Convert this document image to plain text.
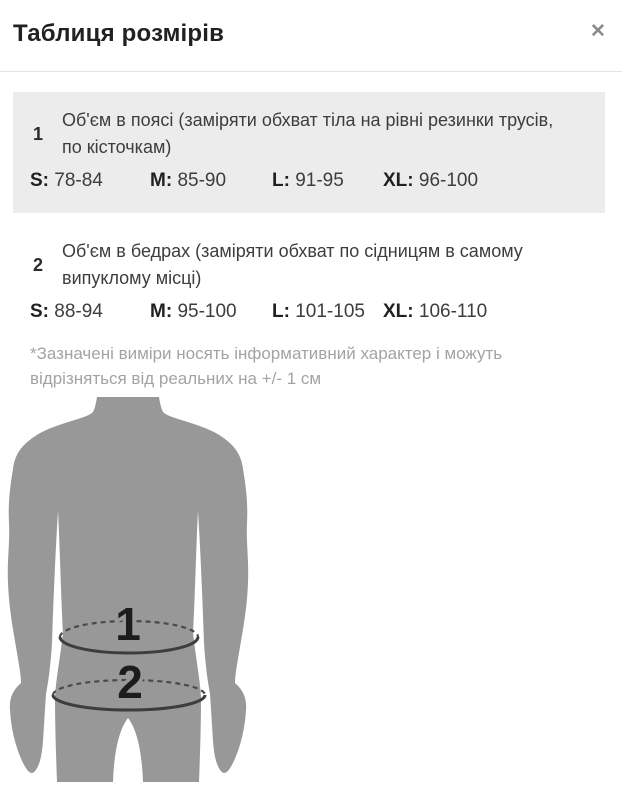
Таблиця розмірів	✕
1

Об'єм в поясі (заміряти обхват тіла на рівні резинки трусів, по кісточкам)

S: 78-84	M: 85-90	L: 91-95	XL: 96-100
2

Об'єм в бедрах (заміряти обхват по сідницям в самому випуклому місці)

S: 88-94	M: 95-100	L: 101-105 XL: 106-110

*Зазначені виміри носять інформативний характер і можуть відрізняться від реальних на +/- 1 см

1
2
